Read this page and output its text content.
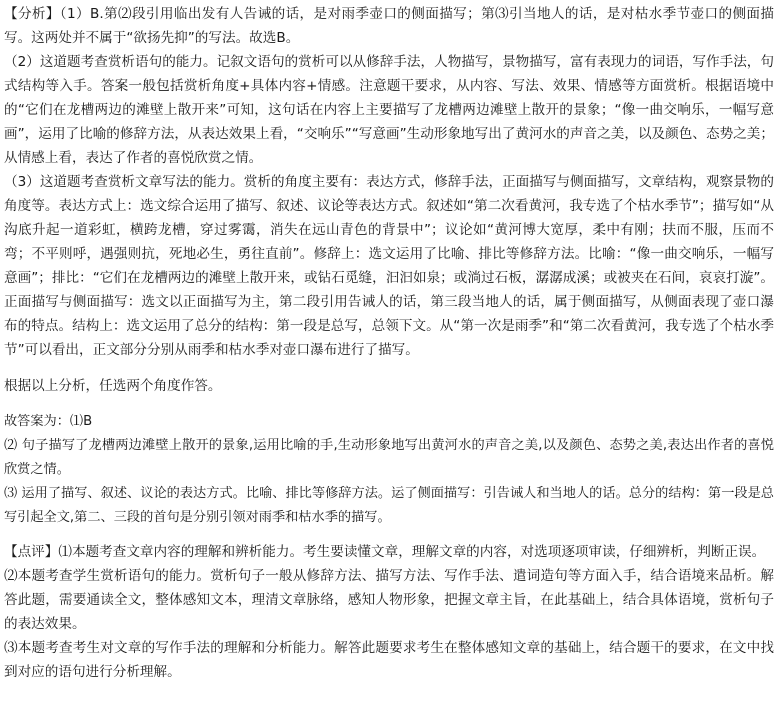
【分析】（1）B.第⑵段引用临出发有人告诫的话，是对雨季壶口的侧面描写；第⑶引当地人的话，是对枯水季节壶口的侧面描写。这两处并不属于“欲扬先抑”的写法。故选B。

（2）这道题考查赏析语句的能力。记叙文语句的赏析可以从修辞手法，人物描写，景物描写，富有表现力的词语，写作手法，句式结构等入手。答案一般包括赏析角度+具体内容+情感。注意题干要求，从内容、写法、效果、情感等方面赏析。根据语境中的“它们在龙槽两边的滩壁上散开来”可知，这句话在内容上主要描写了龙槽两边滩壁上散开的景象；“像一曲交响乐，一幅写意画”，运用了比喻的修辞方法，从表达效果上看，“交响乐”“写意画”生动形象地写出了黄河水的声音之美，以及颜色、态势之美；从情感上看，表达了作者的喜悦欣赏之情。

（3）这道题考查赏析文章写法的能力。赏析的角度主要有：表达方式，修辞手法，正面描写与侧面描写，文章结构，观察景物的角度等。表达方式上：选文综合运用了描写、叙述、议论等表达方式。叙述如“第二次看黄河，我专选了个枯水季节”；描写如“从沟底升起一道彩虹，横跨龙槽，穿过雾霭，消失在远山青色的背景中”；议论如“黄河博大宽厚，柔中有刚；扶而不服，压而不弯；不平则呼，遇强则抗，死地必生，勇往直前”。修辞上：选文运用了比喻、排比等修辞方法。比喻：“像一曲交响乐，一幅写意画”；排比：“它们在龙槽两边的滩壁上散开来，或钻石觅缝，汩汩如泉；或淌过石板，潺潺成溪；或被夹在石间，哀哀打漩”。正面描写与侧面描写：选文以正面描写为主，第二段引用告诫人的话，第三段当地人的话，属于侧面描写，从侧面表现了壶口瀑布的特点。结构上：选文运用了总分的结构：第一段是总写，总领下文。从“第一次是雨季”和“第二次看黄河，我专选了个枯水季节”可以看出，正文部分分别从雨季和枯水季对壶口瀑布进行了描写。

根据以上分析，任选两个角度作答。

故答案为：⑴B

⑵ 句子描写了龙槽两边滩壁上散开的景象,运用比喻的手,生动形象地写出黄河水的声音之美,以及颜色、态势之美,表达出作者的喜悦欣赏之情。

⑶ 运用了描写、叙述、议论的表达方式。比喻、排比等修辞方法。运了侧面描写：引告诫人和当地人的话。总分的结构：第一段是总写引起全文,第二、三段的首句是分别引领对雨季和枯水季的描写。

【点评】⑴本题考查文章内容的理解和辨析能力。考生要读懂文章，理解文章的内容，对选项逐项审读，仔细辨析，判断正误。

⑵本题考查学生赏析语句的能力。赏析句子一般从修辞方法、描写方法、写作手法、遣词造句等方面入手，结合语境来品析。解答此题，需要通读全文，整体感知文本，理清文章脉络，感知人物形象，把握文章主旨，在此基础上，结合具体语境，赏析句子的表达效果。

⑶本题考查考生对文章的写作手法的理解和分析能力。解答此题要求考生在整体感知文章的基础上，结合题干的要求，在文中找到对应的语句进行分析理解。
